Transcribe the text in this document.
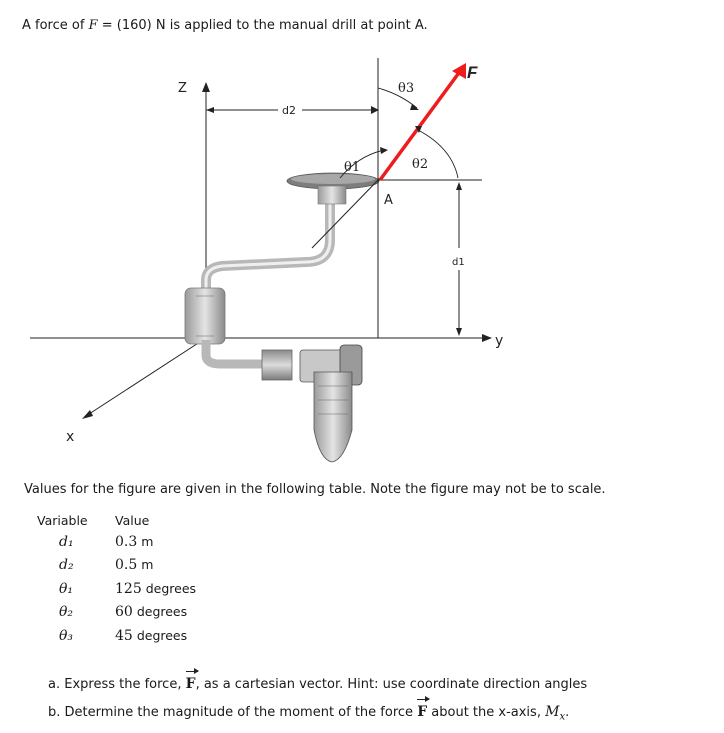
A force of F = (160) N is applied to the manual drill at point A.
d2
d1
Z
y
x
A
F
θ3
θ2
θ1
Values for the figure are given in the following table. Note the figure may not be to scale.
Variable	Value
d₁	0.3 m
d₂	0.5 m
θ₁	125 degrees
θ₂	60 degrees
θ₃	45 degrees
a. Express the force, F, as a cartesian vector. Hint: use coordinate direction angles
b. Determine the magnitude of the moment of the force F about the x-axis, $M_x$.
